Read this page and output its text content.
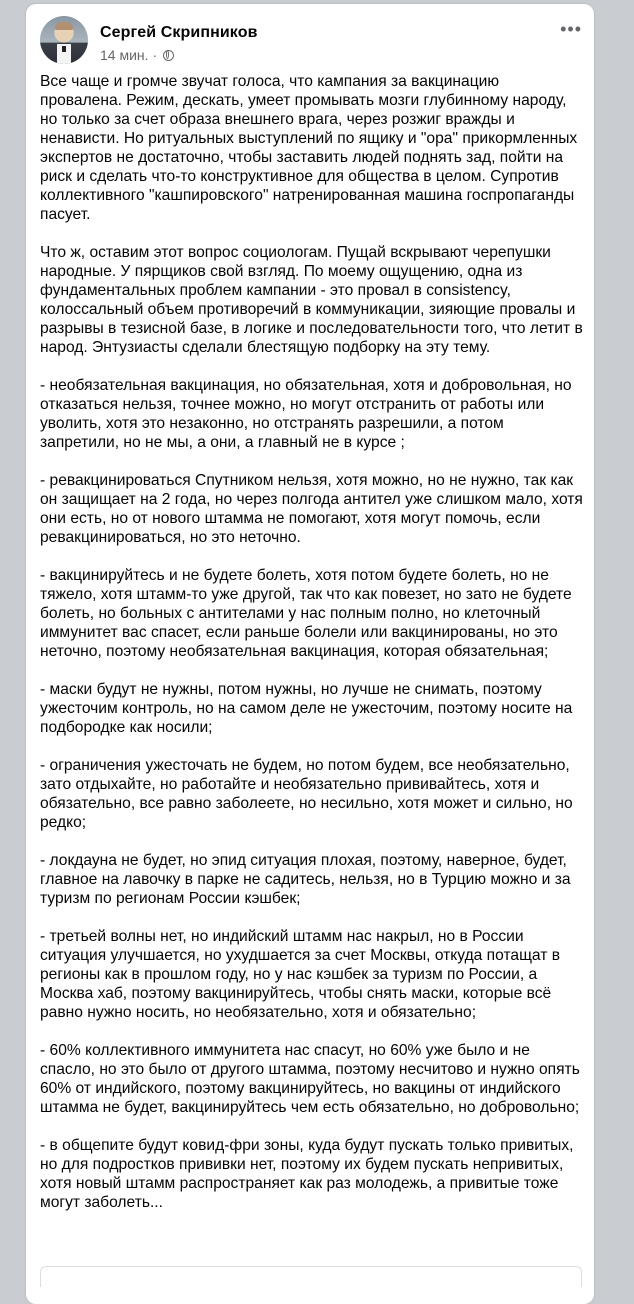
Сергей Скрипников
14 мин. ·
•••

Все чаще и громче звучат голоса, что кампания за вакцинацию провалена. Режим, дескать, умеет промывать мозги глубинному народу, но только за счет образа внешнего врага, через розжиг вражды и ненависти. Но ритуальных выступлений по ящику и "ора" прикормленных экспертов не достаточно, чтобы заставить людей поднять зад, пойти на риск и сделать что-то конструктивное для общества в целом. Супротив коллективного "кашпировского" натренированная машина госпропаганды пасует.

Что ж, оставим этот вопрос социологам. Пущай вскрывают черепушки народные. У пярщиков свой взгляд. По моему ощущению, одна из фундаментальных проблем кампании - это провал в consistency, колоссальный объем противоречий в коммуникации, зияющие провалы и разрывы в тезисной базе, в логике и последовательности того, что летит в народ. Энтузиасты сделали блестящую подборку на эту тему.

- необязательная вакцинация, но обязательная, хотя и добровольная, но отказаться нельзя, точнее можно, но могут отстранить от работы или уволить, хотя это незаконно, но отстранять разрешили, а потом запретили, но не мы, а они, а главный не в курсе ;

- ревакцинироваться Спутником нельзя, хотя можно, но не нужно, так как он защищает на 2 года, но через полгода антител уже слишком мало, хотя они есть, но от нового штамма не помогают, хотя могут помочь, если ревакцинироваться, но это неточно.

- вакцинируйтесь и не будете болеть, хотя потом будете болеть, но не тяжело, хотя штамм-то уже другой, так что как повезет, но зато не будете болеть, но больных с антителами у нас полным полно, но клеточный иммунитет вас спасет, если раньше болели или вакцинированы, но это неточно, поэтому необязательная вакцинация, которая обязательная;

- маски будут не нужны, потом нужны, но лучше не снимать, поэтому ужесточим контроль, но на самом деле не ужесточим, поэтому носите на подбородке как носили;

- ограничения ужесточать не будем, но потом будем, все необязательно, зато отдыхайте, но работайте и необязательно прививайтесь, хотя и обязательно, все равно заболеете, но несильно, хотя может и сильно, но редко;

- локдауна не будет, но эпид ситуация плохая, поэтому, наверное, будет, главное на лавочку в парке не садитесь, нельзя, но в Турцию можно и за туризм по регионам России кэшбек;

- третьей волны нет, но индийский штамм нас накрыл, но в России ситуация улучшается, но ухудшается за счет Москвы, откуда потащат в регионы как в прошлом году, но у нас кэшбек за туризм по России, а Москва хаб, поэтому вакцинируйтесь, чтобы снять маски, которые всё равно нужно носить, но необязательно, хотя и обязательно;

- 60% коллективного иммунитета нас спасут, но 60% уже было и не спасло, но это было от другого штамма, поэтому несчитово и нужно опять 60% от индийского, поэтому вакцинируйтесь, но вакцины от индийского штамма не будет, вакцинируйтесь чем есть обязательно, но добровольно;

- в общепите будут ковид-фри зоны, куда будут пускать только привитых, но для подростков прививки нет, поэтому их будем пускать непривитых, хотя новый штамм распространяет как раз молодежь, а привитые тоже могут заболеть...
